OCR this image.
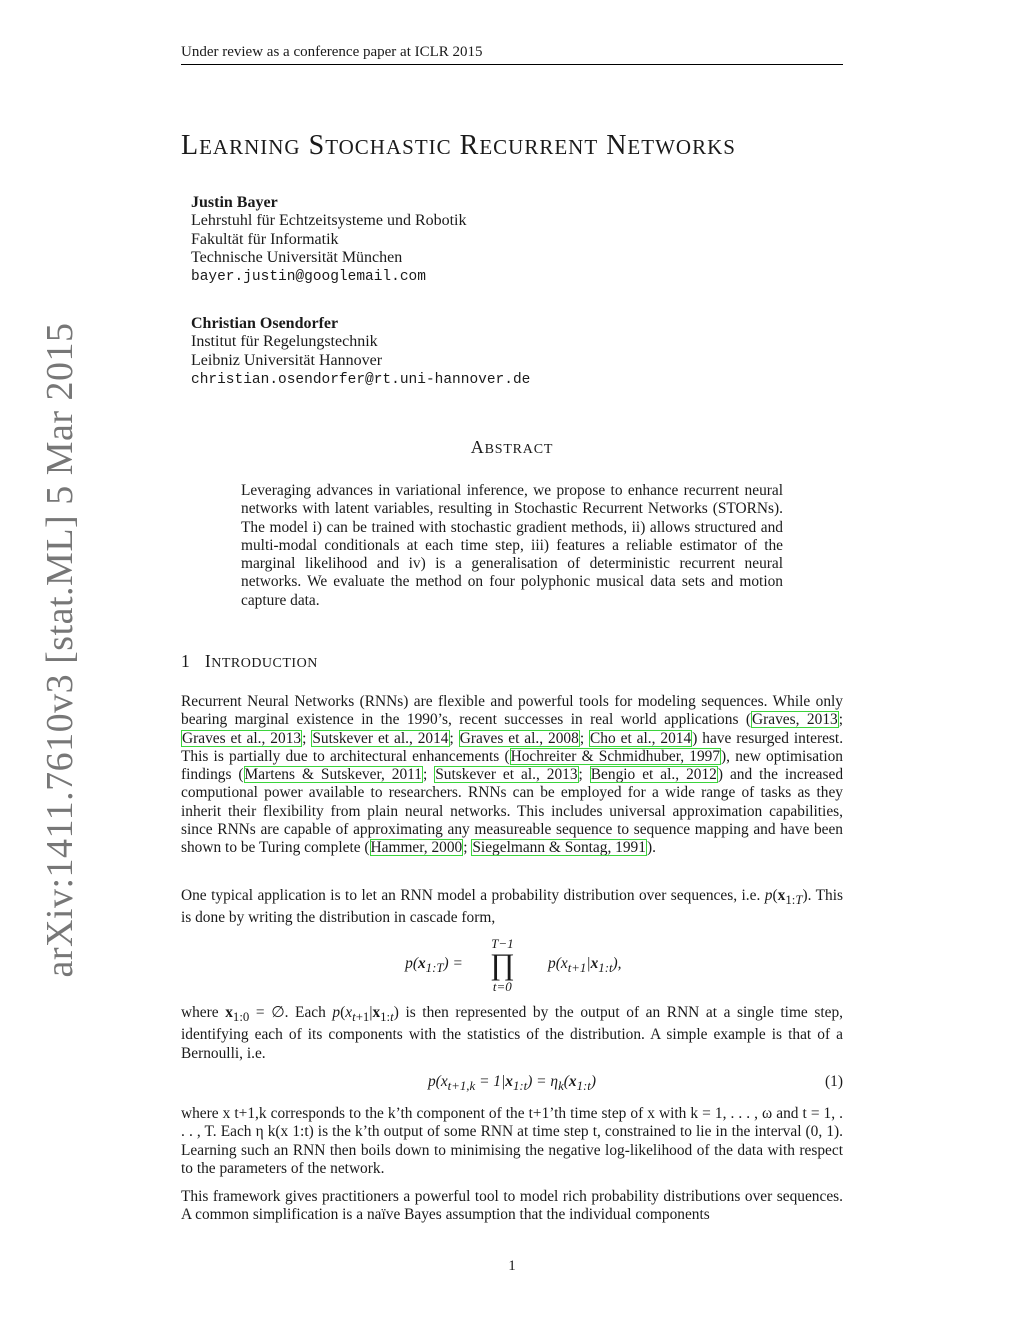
Under review as a conference paper at ICLR 2015
arXiv:1411.7610v3 [stat.ML] 5 Mar 2015
LEARNING STOCHASTIC RECURRENT NETWORKS
Justin Bayer
Lehrstuhl für Echtzeitsysteme und Robotik
Fakultät für Informatik
Technische Universität München
bayer.justin@googlemail.com
Christian Osendorfer
Institut für Regelungstechnik
Leibniz Universität Hannover
christian.osendorfer@rt.uni-hannover.de
ABSTRACT
Leveraging advances in variational inference, we propose to enhance recurrent neural networks with latent variables, resulting in Stochastic Recurrent Networks (STORNs). The model i) can be trained with stochastic gradient methods, ii) allows structured and multi-modal conditionals at each time step, iii) features a reliable estimator of the marginal likelihood and iv) is a generalisation of deterministic recurrent neural networks. We evaluate the method on four polyphonic musical data sets and motion capture data.
1 INTRODUCTION
Recurrent Neural Networks (RNNs) are flexible and powerful tools for modeling sequences. While only bearing marginal existence in the 1990’s, recent successes in real world applications (Graves, 2013; Graves et al., 2013; Sutskever et al., 2014; Graves et al., 2008; Cho et al., 2014) have resurged interest. This is partially due to architectural enhancements (Hochreiter & Schmidhuber, 1997), new optimisation findings (Martens & Sutskever, 2011; Sutskever et al., 2013; Bengio et al., 2012) and the increased computional power available to researchers. RNNs can be employed for a wide range of tasks as they inherit their flexibility from plain neural networks. This includes universal approximation capabilities, since RNNs are capable of approximating any measureable sequence to sequence mapping and have been shown to be Turing complete (Hammer, 2000; Siegelmann & Sontag, 1991).
One typical application is to let an RNN model a probability distribution over sequences, i.e. $p(x_{1:T})$. This is done by writing the distribution in cascade form,
$p(x_{1:T})$ =
T−1
∏
t=0
$p(x_{t+1}|x_{1:t})$,
where $x_{1:0}$ = ∅. Each $p(x_{t+1}|x_{1:t})$ is then represented by the output of an RNN at a single time step, identifying each of its components with the statistics of the distribution. A simple example is that of a Bernoulli, i.e.
$p(x_{t+1,k} = 1|x_{1:t}) = \eta_k(x_{1:t})$	(1)
where x t+1,k corresponds to the k’th component of the t+1’th time step of x with k = 1, . . . , ω and t = 1, . . . , T. Each η k(x 1:t) is the k’th output of some RNN at time step t, constrained to lie in the interval (0, 1). Learning such an RNN then boils down to minimising the negative log-likelihood of the data with respect to the parameters of the network.
This framework gives practitioners a powerful tool to model rich probability distributions over sequences. A common simplification is a naïve Bayes assumption that the individual components
1
